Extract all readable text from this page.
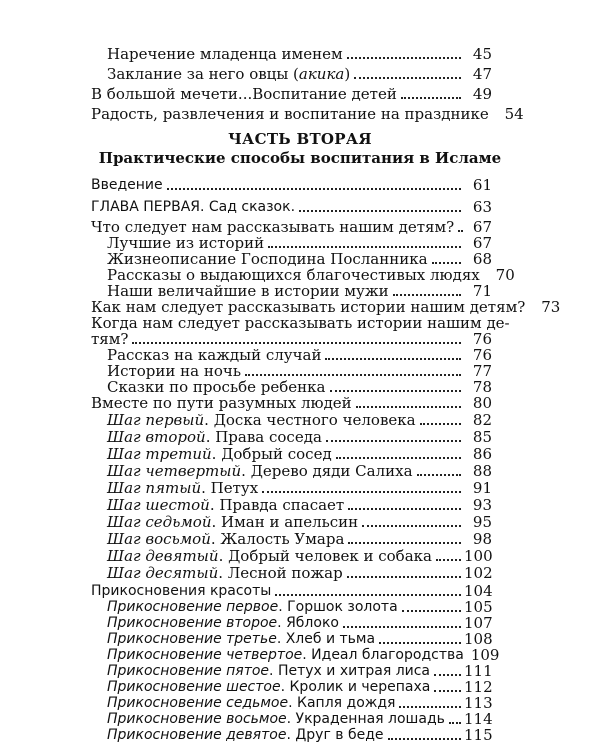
Наречение младенца именем	45
Заклание за него овцы (акика)	47
В большой мечети...Воспитание детей	49
Радость, развлечения и воспитание на празднике	54
ЧАСТЬ ВТОРАЯ
Практические способы воспитания в Исламе
Введение	61
ГЛАВА ПЕРВАЯ. Сад сказок.	63
Что следует нам рассказывать нашим детям?	67
Лучшие из историй	67
Жизнеописание Господина Посланника	68
Рассказы о выдающихся благочестивых людях	70
Наши величайшие в истории мужи	71
Как нам следует рассказывать истории нашим детям?	73
Когда нам следует рассказывать истории нашим де-
тям?	76
Рассказ на каждый случай	76
Истории на ночь	77
Сказки по просьбе ребенка	78
Вместе по пути разумных людей	80
Шаг первый. Доска честного человека	82
Шаг второй. Права соседа	85
Шаг третий. Добрый сосед	86
Шаг четвертый. Дерево дяди Салиха	88
Шаг пятый. Петух	91
Шаг шестой. Правда спасает	93
Шаг седьмой. Иман и апельсин	95
Шаг восьмой. Жалость Умара	98
Шаг девятый. Добрый человек и собака 100
Шаг десятый. Лесной пожар	102
Прикосновения красоты	104
Прикосновение первое. Горшок золота	105
Прикосновение второе. Яблоко	107
Прикосновение третье. Хлеб и тьма	108
Прикосновение четвертое. Идеал благородства 109
Прикосновение пятое. Петух и хитрая лиса 111
Прикосновение шестое. Кролик и черепаха 112
Прикосновение седьмое. Капля дождя	113
Прикосновение восьмое. Украденная лошадь 114
Прикосновение девятое. Друг в беде	115
